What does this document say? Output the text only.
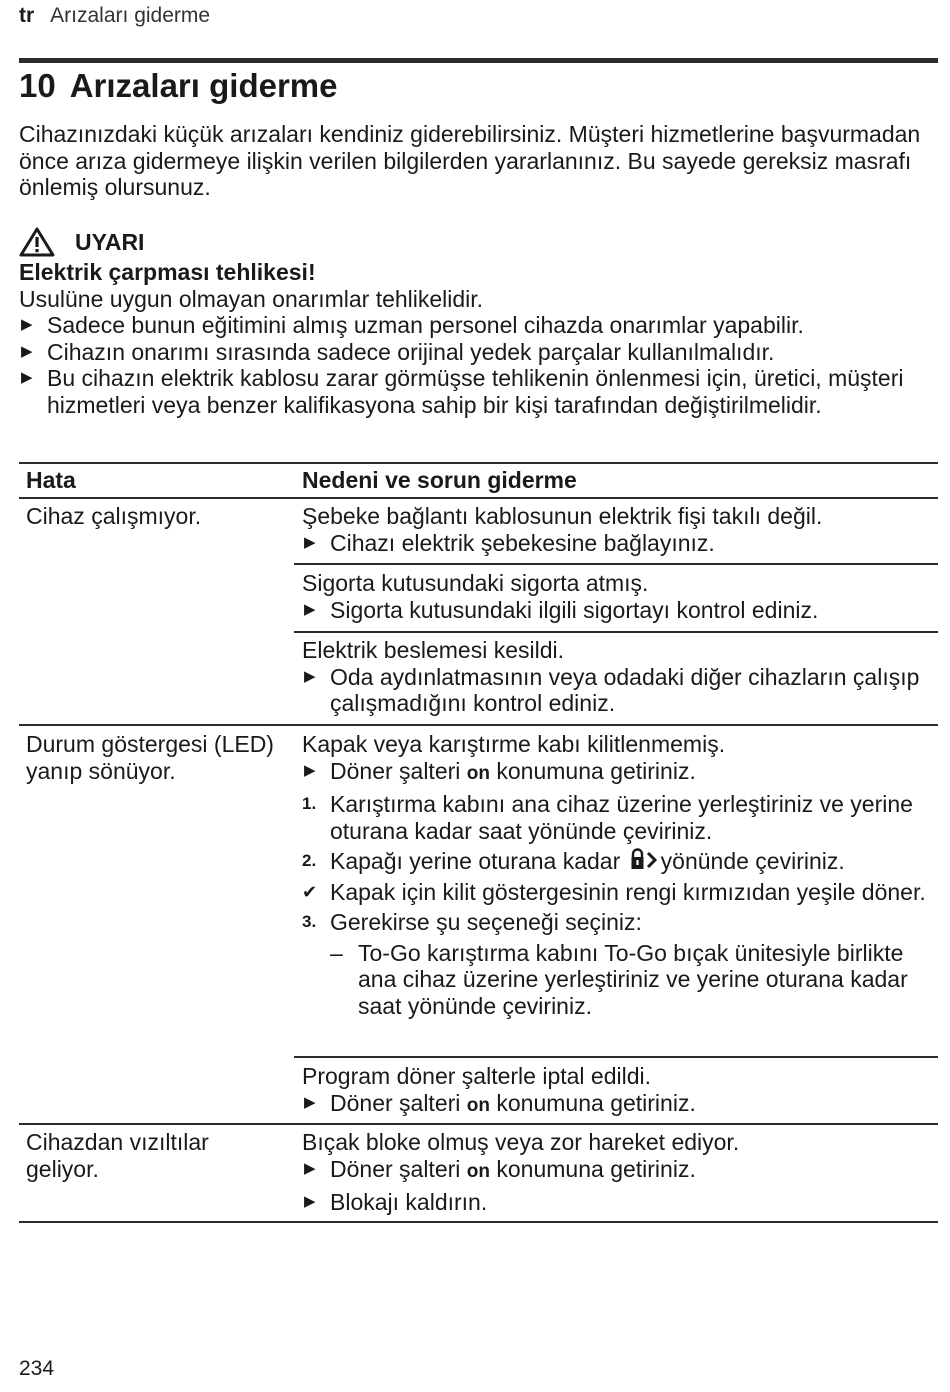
tr Arızaları giderme
10 Arızaları giderme

Cihazınızdaki küçük arızaları kendiniz giderebilirsiniz. Müşteri hizmetlerine başvurmadan önce arıza gidermeye ilişkin verilen bilgilerden yararlanınız. Bu sayede gereksiz masrafı önlemiş olursunuz.

UYARI
Elektrik çarpması tehlikesi!
Usulüne uygun olmayan onarımlar tehlikelidir.
▶ Sadece bunun eğitimini almış uzman personel cihazda onarımlar yapabilir.
▶ Cihazın onarımı sırasında sadece orijinal yedek parçalar kullanılmalıdır.
▶ Bu cihazın elektrik kablosu zarar görmüşse tehlikenin önlenmesi için, üretici, müşteri hizmetleri veya benzer kalifikasyona sahip bir kişi tarafından değiştirilmelidir.
Hata	Nedeni ve sorun giderme
Cihaz çalışmıyor.	Şebeke bağlantı kablosunun elektrik fişi takılı değil.
▶ Cihazı elektrik şebekesine bağlayınız.
Sigorta kutusundaki sigorta atmış.
▶ Sigorta kutusundaki ilgili sigortayı kontrol ediniz.
Elektrik beslemesi kesildi.
▶ Oda aydınlatmasının veya odadaki diğer cihazların çalışıp çalışmadığını kontrol ediniz.
Durum göstergesi (LED) yanıp sönüyor.
Kapak veya karıştırme kabı kilitlenmemiş.
▶ Döner şalteri on konumuna getiriniz.
1. Karıştırma kabını ana cihaz üzerine yerleştiriniz ve yerine oturana kadar saat yönünde çeviriniz.
2. Kapağı yerine oturana kadar yönünde çeviriniz.
✔ Kapak için kilit göstergesinin rengi kırmızıdan yeşile döner.
3. Gerekirse şu seçeneği seçiniz:
– To-Go karıştırma kabını To-Go bıçak ünitesiyle birlikte ana cihaz üzerine yerleştiriniz ve yerine oturana kadar saat yönünde çeviriniz.
Program döner şalterle iptal edildi.
▶ Döner şalteri on konumuna getiriniz.
Cihazdan vızıltılar geliyor.
Bıçak bloke olmuş veya zor hareket ediyor.
▶ Döner şalteri on konumuna getiriniz.
▶ Blokajı kaldırın.
234
